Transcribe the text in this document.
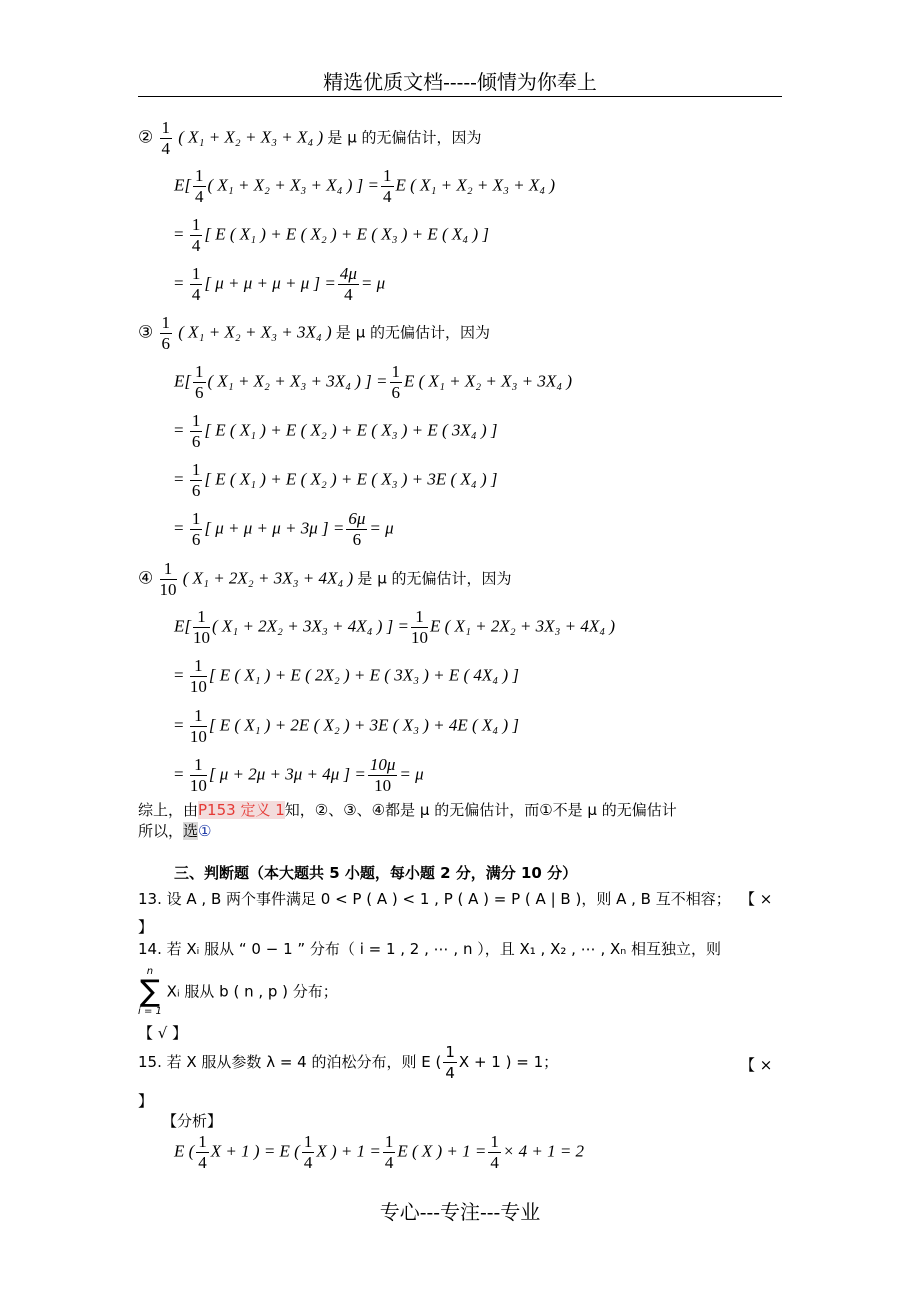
精选优质文档-----倾情为你奉上
② $\frac{1}{4}$ ( X₁ + X₂ + X₃ + X₄ ) 是 μ 的无偏估计，因为
$E[ \frac{1}{4}$ ( X₁ + X₂ + X₃ + X₄ ) ] = $\frac{1}{4}$ E ( X₁ + X₂ + X₃ + X₄ )
= $\frac{1}{4}$ [ E ( X₁ ) + E ( X₂ ) + E ( X₃ ) + E ( X₄ ) ]
= $\frac{1}{4}$ [ μ + μ + μ + μ ] = $\frac{4\mu}{4} = \mu$
③ $\frac{1}{6}$ ( X₁ + X₂ + X₃ + 3X₄ ) 是 μ 的无偏估计，因为
$E[ \frac{1}{6}$ ( X₁ + X₂ + X₃ + 3X₄ ) ] = $\frac{1}{6}$ E ( X₁ + X₂ + X₃ + 3X₄ )
= $\frac{1}{6}$ [ E ( X₁ ) + E ( X₂ ) + E ( X₃ ) + E ( 3X₄ ) ]
= $\frac{1}{6}$ [ E ( X₁ ) + E ( X₂ ) + E ( X₃ ) + 3E ( X₄ ) ]
= $\frac{1}{6}$ [ μ + μ + μ + 3μ ] = $\frac{6\mu}{6} = \mu$
④ $\frac{1}{10}$ ( X₁ + 2X₂ + 3X₃ + 4X₄ ) 是 μ 的无偏估计，因为
$E[ \frac{1}{10}$ ( X₁ + 2X₂ + 3X₃ + 4X₄ ) ] = $\frac{1}{10}$ E ( X₁ + 2X₂ + 3X₃ + 4X₄ )
= $\frac{1}{10}$ [ E ( X₁ ) + E ( 2X₂ ) + E ( 3X₃ ) + E ( 4X₄ ) ]
= $\frac{1}{10}$ [ E ( X₁ ) + 2E ( X₂ ) + 3E ( X₃ ) + 4E ( X₄ ) ]
= $\frac{1}{10}$ [ μ + 2μ + 3μ + 4μ ] = $\frac{10\mu}{10} = \mu$
综上，由P153 定义 1知，②、③、④都是 μ 的无偏估计，而①不是 μ 的无偏估计
所以，选①
三、判断题（本大题共 5 小题，每小题 2 分，满分 10 分）
13. 设 A , B 两个事件满足 0 < P ( A ) < 1 , P ( A ) = P ( A | B )，则 A , B 互不相容； 【 ×
】
14. 若 Xᵢ 服从 “ 0 − 1 ” 分布（ i = 1 , 2 , ⋯ , n ），且 X₁ , X₂ , ⋯ , Xₙ 相互独立，则
n
∑
i = 1
Xᵢ 服从 b ( n , p ) 分布；
【 √ 】
15. 若 X 服从参数 λ = 4 的泊松分布，则 E ( $\frac{1}{4}$ X + 1 ) = 1；	【 ×
】
【分析】
E ( $\frac{1}{4}$ X + 1 ) = E ( $\frac{1}{4}$ X ) + $1 = \frac{1}{4}$ E ( X ) + $1 = \frac{1}{4} \times 4 + 1 = 2$
专心---专注---专业
